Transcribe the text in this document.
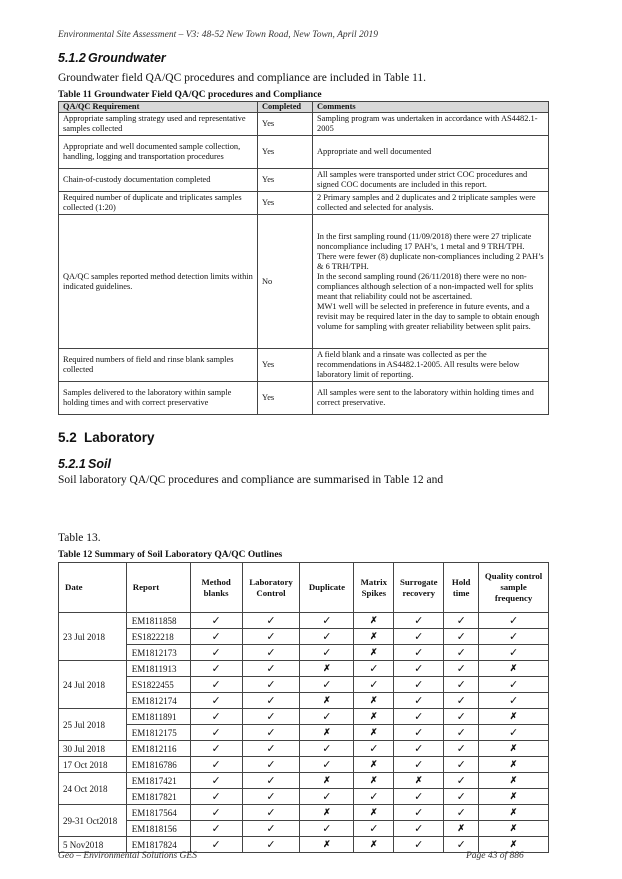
Environmental Site Assessment – V3: 48-52 New Town Road, New Town, April 2019
5.1.2 Groundwater
Groundwater field QA/QC procedures and compliance are included in Table 11.
Table 11 Groundwater Field QA/QC procedures and Compliance
QA/QC Requirement	Completed	Comments
Appropriate sampling strategy used and representative samples collected	Yes	Sampling program was undertaken in accordance with AS4482.1-2005
Appropriate and well documented sample collection, handling, logging and transportation procedures	Yes	Appropriate and well documented
Chain-of-custody documentation completed	Yes	All samples were transported under strict COC procedures and signed COC documents are included in this report.
Required number of duplicate and triplicates samples collected (1:20)	Yes	2 Primary samples and 2 duplicates and 2 triplicate samples were collected and selected for analysis.
QA/QC samples reported method detection limits within indicated guidelines.	No	In the first sampling round (11/09/2018) there were 27 triplicate noncompliance including 17 PAH’s, 1 metal and 9 TRH/TPH. There were fewer (8) duplicate non-compliances including 2 PAH’s & 6 TRH/TPH.
In the second sampling round (26/11/2018) there were no non-compliances although selection of a non-impacted well for splits meant that reliability could not be ascertained.
MW1 well will be selected in preference in future events, and a revisit may be required later in the day to sample to obtain enough volume for sampling with greater reliability between split pairs.

Required numbers of field and rinse blank samples collected	Yes	A field blank and a rinsate was collected as per the recommendations in AS4482.1-2005. All results were below laboratory limit of reporting.
Samples delivered to the laboratory within sample holding times and with correct preservative	Yes	All samples were sent to the laboratory within holding times and correct preservative.
5.2 Laboratory
5.2.1 Soil
Soil laboratory QA/QC procedures and compliance are summarised in Table 12 and
Table 13.
Table 12 Summary of Soil Laboratory QA/QC Outlines
Date	Report	Method blanks	Laboratory Control	Duplicate	Matrix Spikes	Surrogate recovery	Hold time	Quality control sample frequency
23 Jul 2018	EM1811858	✓	✓	✓	✗	✓	✓	✓
	ES1822218	✓	✓	✓	✗	✓	✓	✓
	EM1812173	✓	✓	✓	✗	✓	✓	✓
24 Jul 2018	EM1811913	✓	✓	✗	✓	✓	✓	✗
	ES1822455	✓	✓	✓	✓	✓	✓	✓
	EM1812174	✓	✓	✗	✗	✓	✓	✓
25 Jul 2018	EM1811891	✓	✓	✓	✗	✓	✓	✗
	EM1812175	✓	✓	✗	✗	✓	✓	✓
30 Jul 2018	EM1812116	✓	✓	✓	✓	✓	✓	✗
17 Oct 2018	EM1816786	✓	✓	✓	✗	✓	✓	✗
24 Oct 2018	EM1817421	✓	✓	✗	✗	✗	✓	✗
	EM1817821	✓	✓	✓	✓	✓	✓	✗
29-31 Oct2018	EM1817564	✓	✓	✗	✗	✓	✓	✗
	EM1818156	✓	✓	✓	✓	✓	✗	✗
5 Nov2018	EM1817824	✓	✓	✗	✗	✓	✓	✗
Geo – Environmental Solutions GES	Page 43 of 886
